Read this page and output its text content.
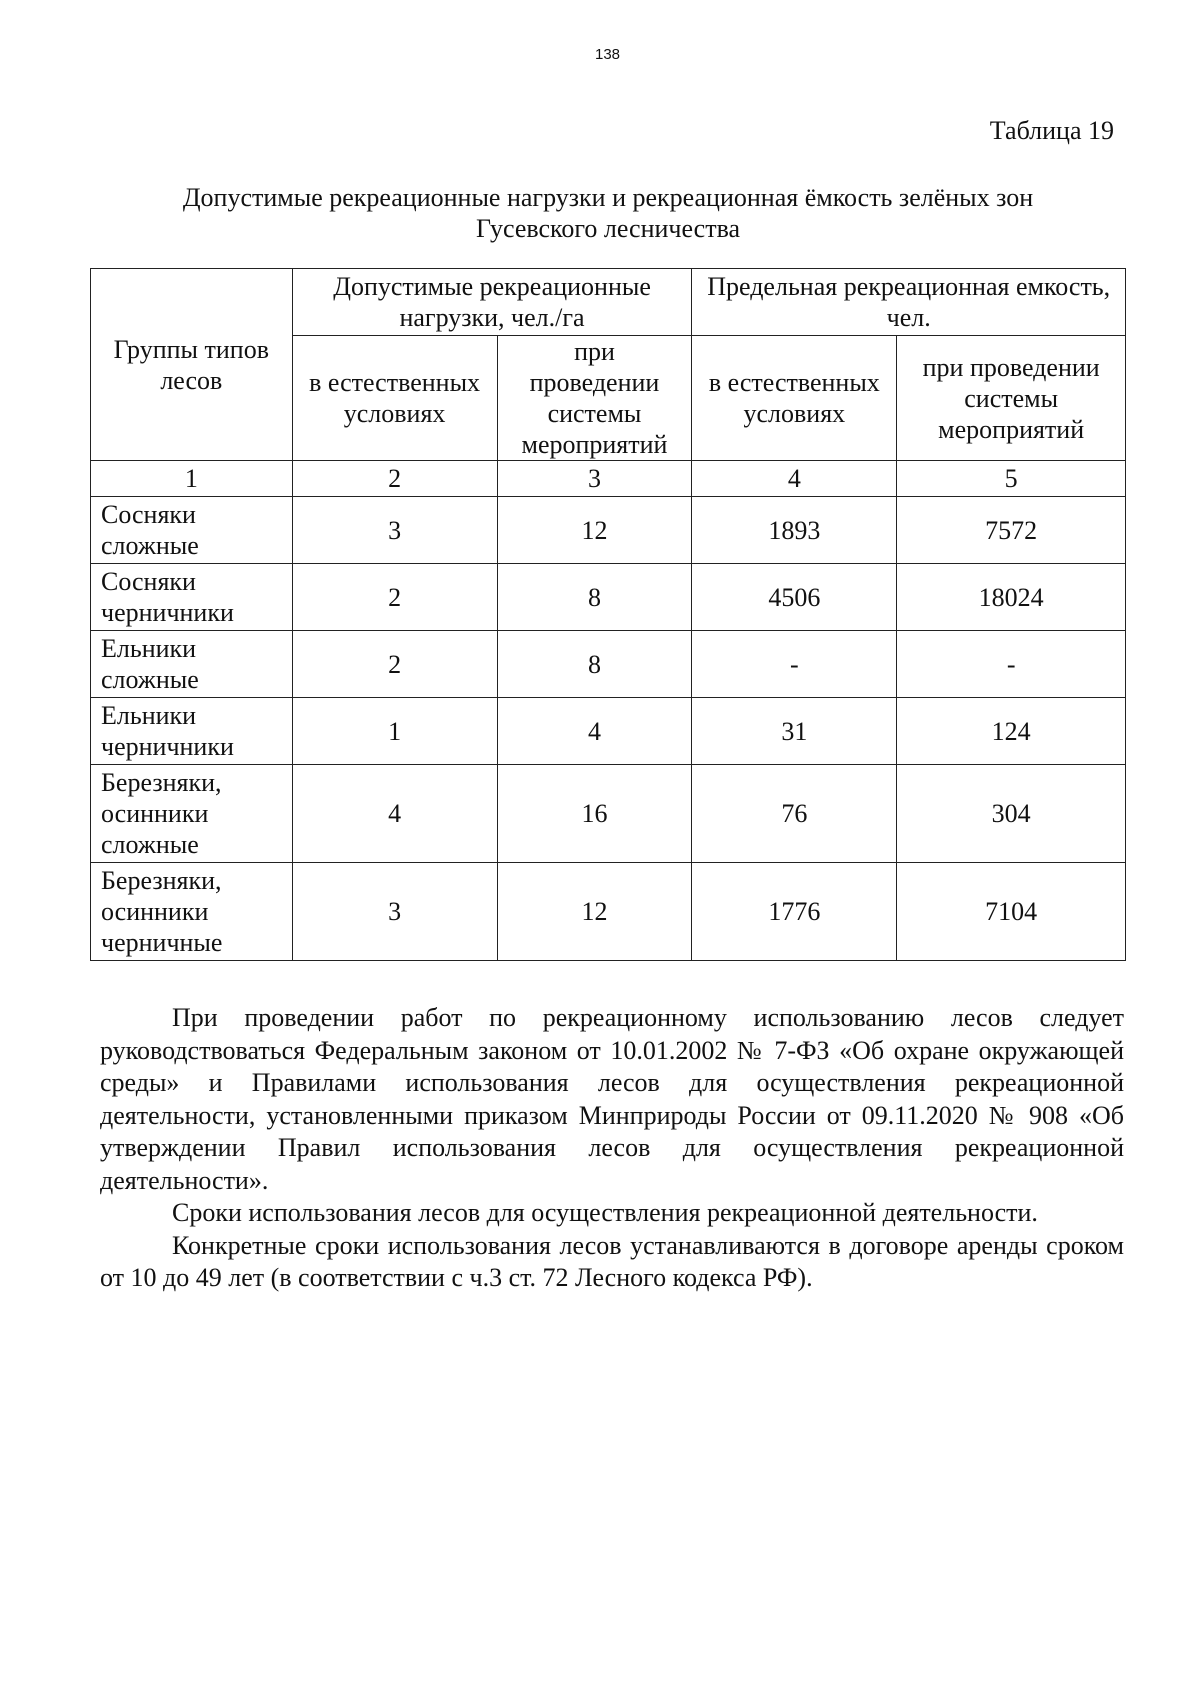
138
Таблица 19
Допустимые рекреационные нагрузки и рекреационная ёмкость зелёных зон
Гусевского лесничества
Группы типов лесов	Допустимые рекреационные нагрузки, чел./га		Предельная рекреационная емкость, чел.	
	в естественных условиях	при проведении системы мероприятий	в естественных условиях	при проведении системы мероприятий
1	2	3	4	5
Сосняки сложные	3	12	1893	7572
Сосняки черничники	2	8	4506	18024
Ельники сложные	2	8	-	-
Ельники черничники	1	4	31	124
Березняки, осинники сложные	4	16	76	304
Березняки, осинники черничные	3	12	1776	7104

При проведении работ по рекреационному использованию лесов следует руководствоваться Федеральным законом от 10.01.2002 № 7-ФЗ «Об охране окружающей среды» и Правилами использования лесов для осуществления рекреационной деятельности, установленными приказом Минприроды России от 09.11.2020 № 908 «Об утверждении Правил использования лесов для осуществления рекреационной деятельности».

Сроки использования лесов для осуществления рекреационной деятельности.

Конкретные сроки использования лесов устанавливаются в договоре аренды сроком от 10 до 49 лет (в соответствии с ч.3 ст. 72 Лесного кодекса РФ).
